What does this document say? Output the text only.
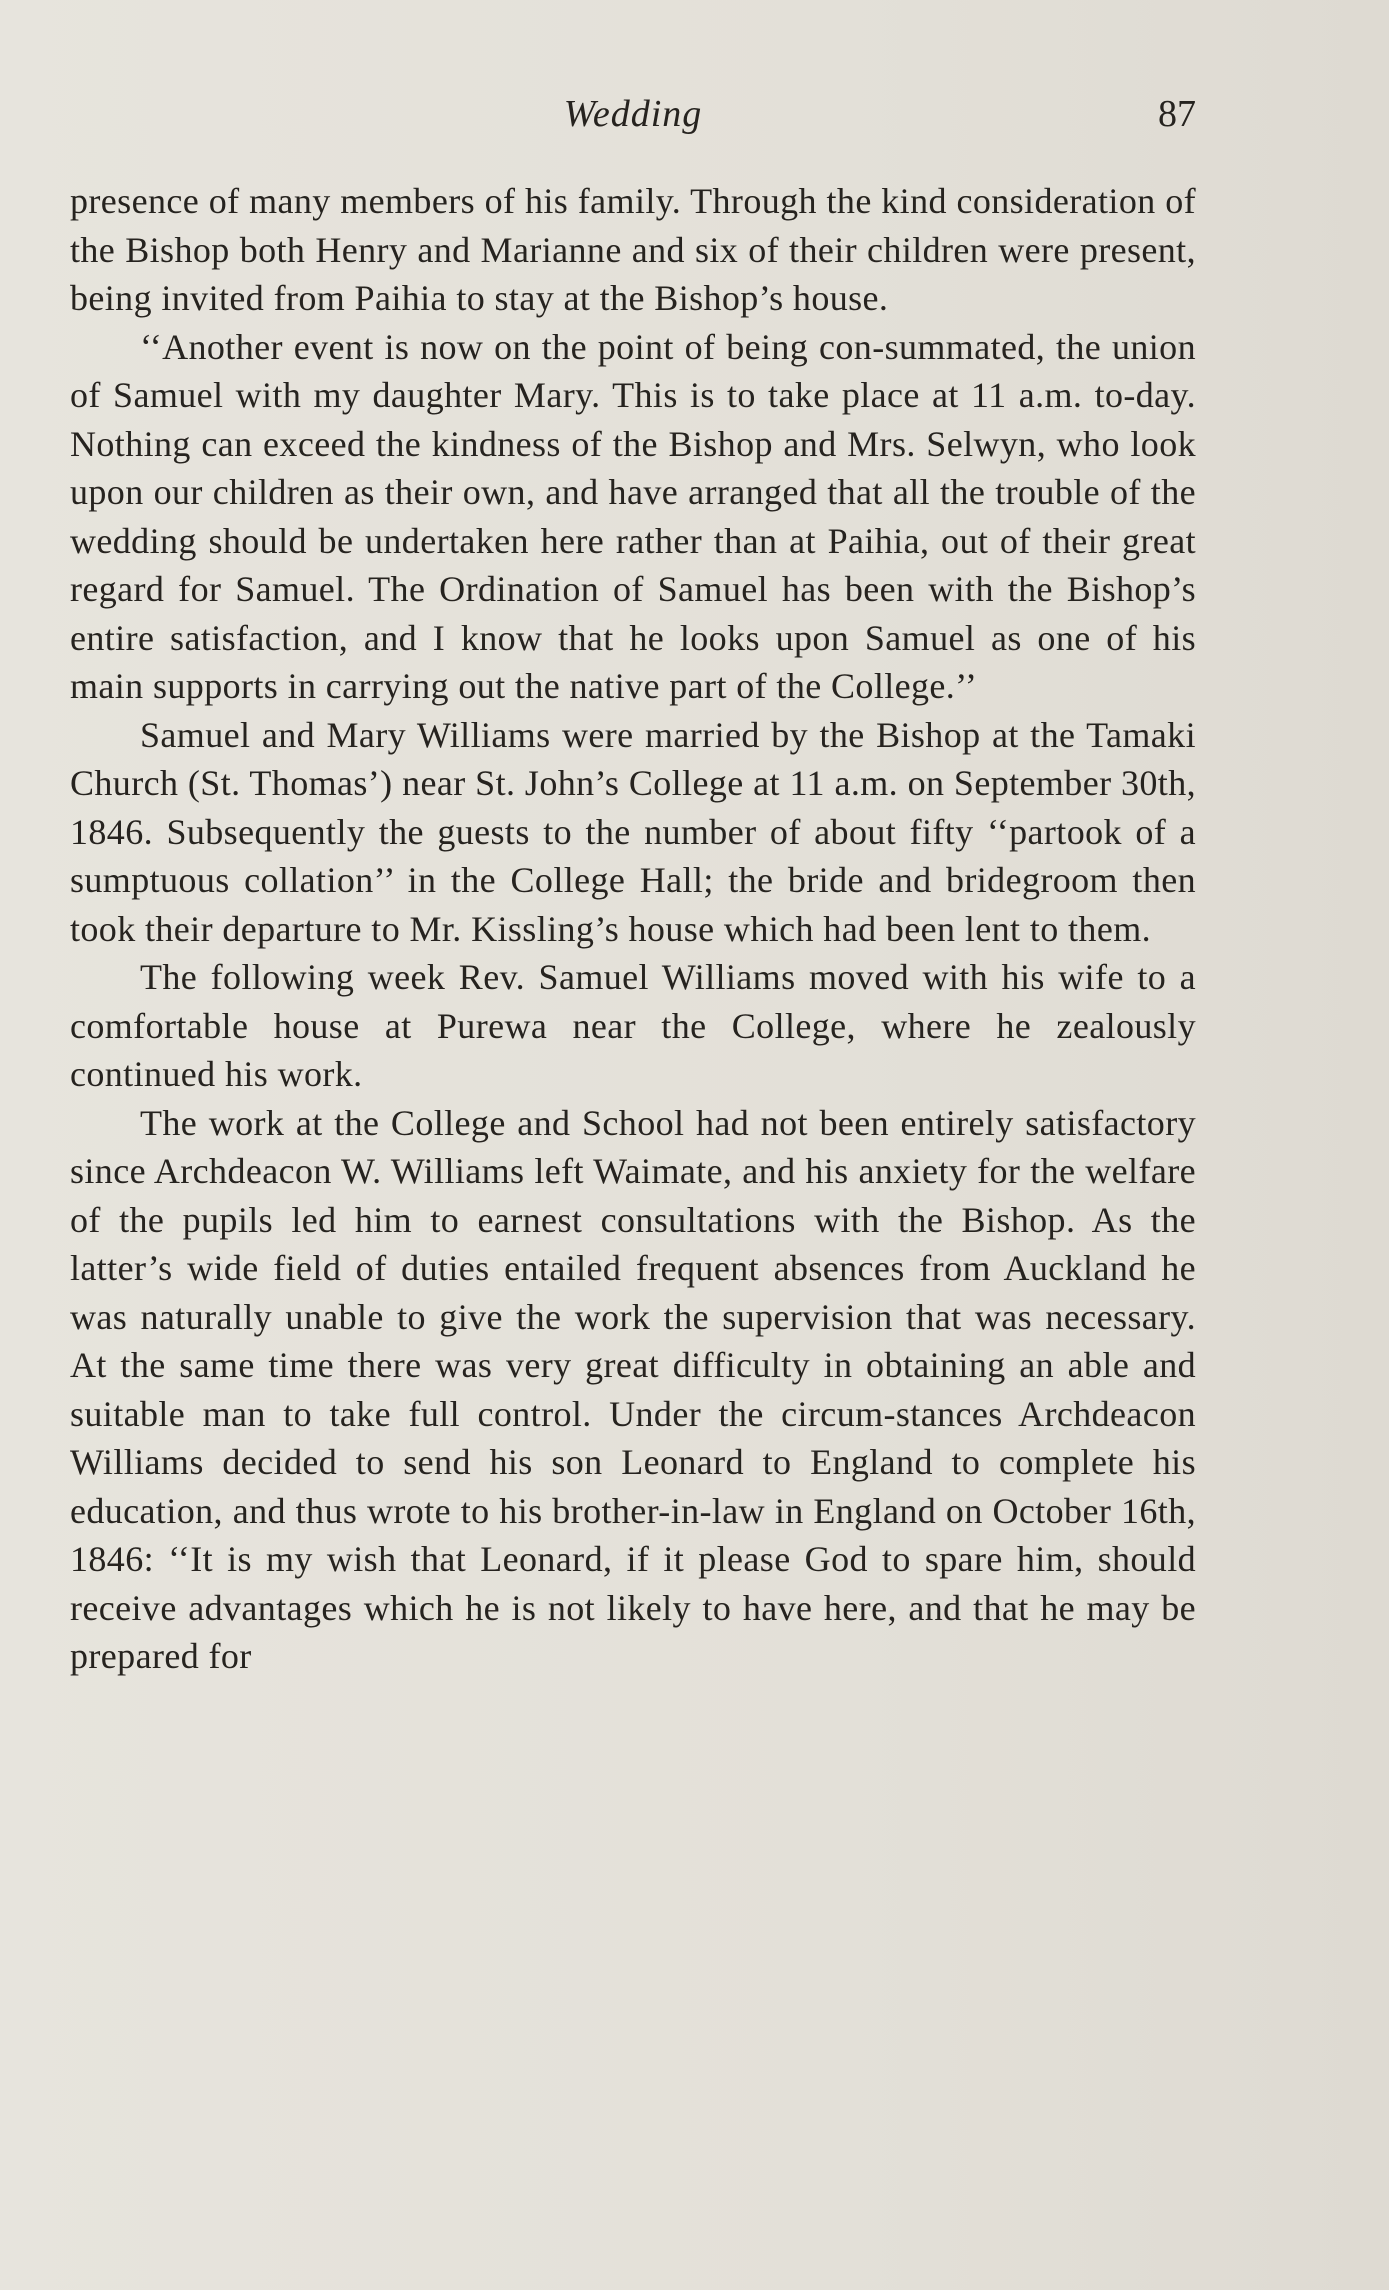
Wedding	87

presence of many members of his family. Through the kind consideration of the Bishop both Henry and Marianne and six of their children were present, being invited from Paihia to stay at the Bishop’s house.

‘‘Another event is now on the point of being con-summated, the union of Samuel with my daughter Mary. This is to take place at 11 a.m. to-day. Nothing can exceed the kindness of the Bishop and Mrs. Selwyn, who look upon our children as their own, and have arranged that all the trouble of the wedding should be undertaken here rather than at Paihia, out of their great regard for Samuel. The Ordination of Samuel has been with the Bishop’s entire satisfaction, and I know that he looks upon Samuel as one of his main supports in carrying out the native part of the College.’’

Samuel and Mary Williams were married by the Bishop at the Tamaki Church (St. Thomas’) near St. John’s College at 11 a.m. on September 30th, 1846. Subsequently the guests to the number of about fifty ‘‘partook of a sumptuous collation’’ in the College Hall; the bride and bridegroom then took their departure to Mr. Kissling’s house which had been lent to them.

The following week Rev. Samuel Williams moved with his wife to a comfortable house at Purewa near the College, where he zealously continued his work.

The work at the College and School had not been entirely satisfactory since Archdeacon W. Williams left Waimate, and his anxiety for the welfare of the pupils led him to earnest consultations with the Bishop. As the latter’s wide field of duties entailed frequent absences from Auckland he was naturally unable to give the work the supervision that was necessary. At the same time there was very great difficulty in obtaining an able and suitable man to take full control. Under the circum-stances Archdeacon Williams decided to send his son Leonard to England to complete his education, and thus wrote to his brother-in-law in England on October 16th, 1846: ‘‘It is my wish that Leonard, if it please God to spare him, should receive advantages which he is not likely to have here, and that he may be prepared for
